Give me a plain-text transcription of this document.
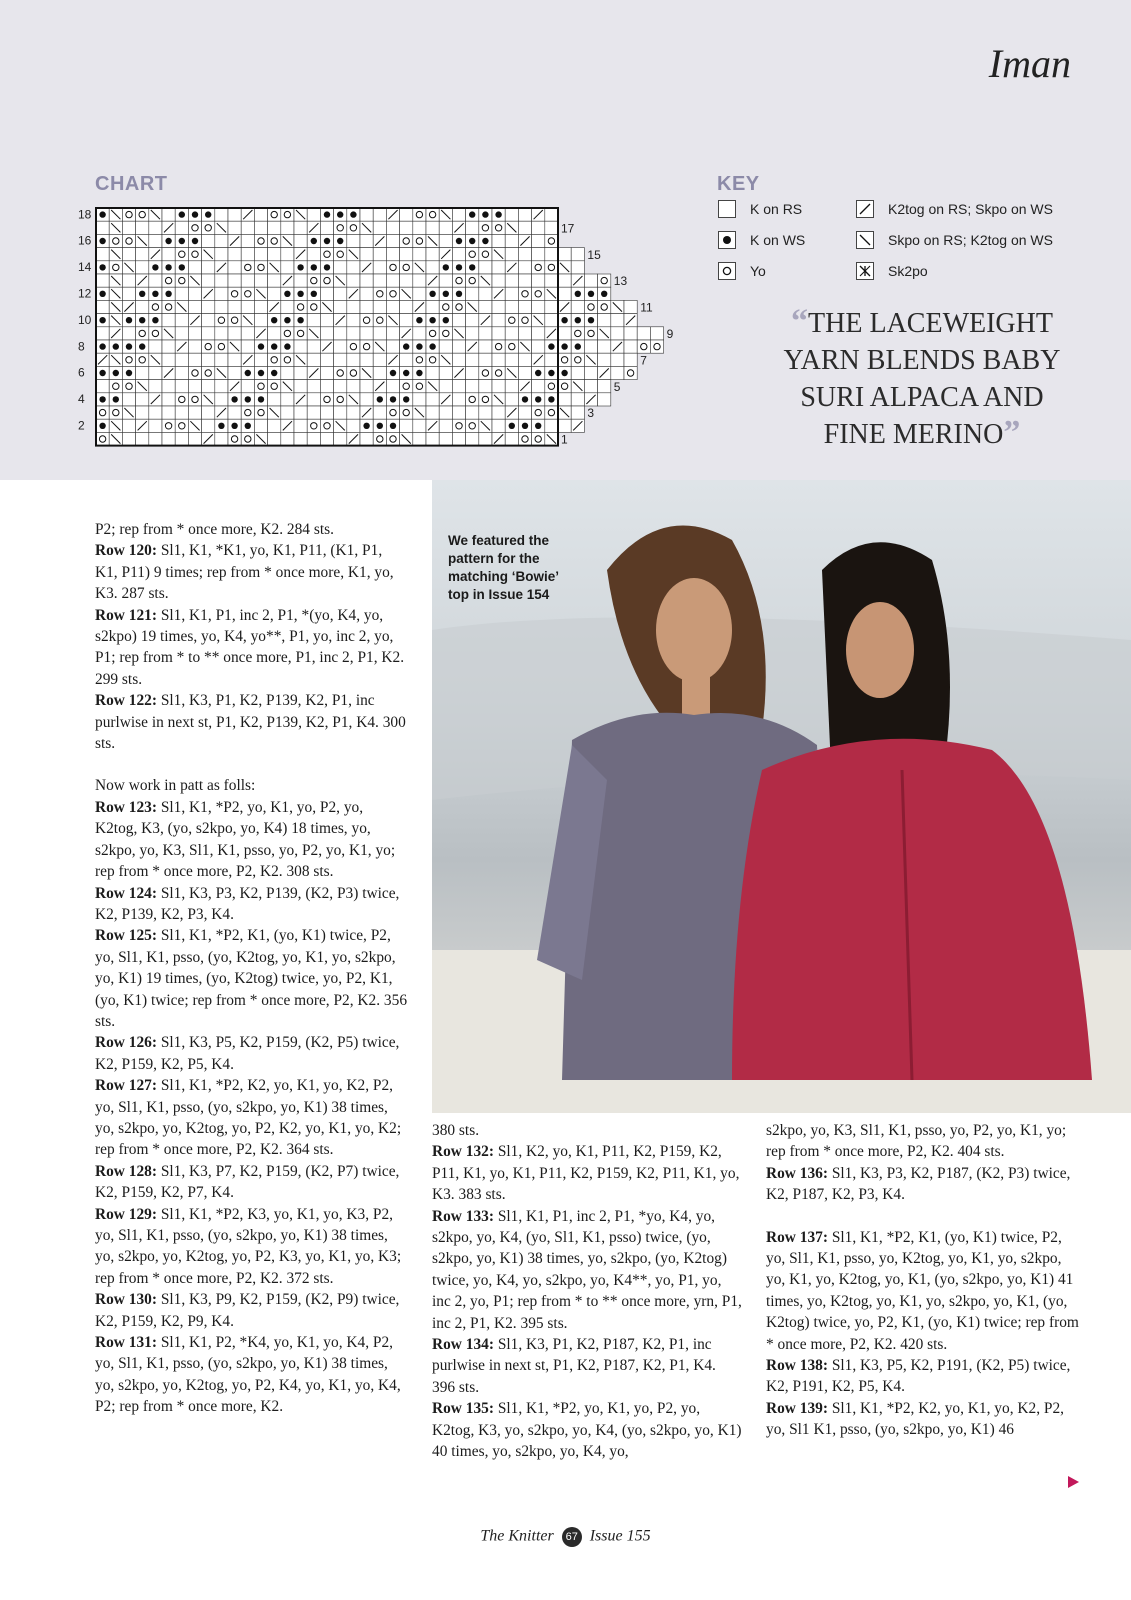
Iman
CHART
18
16
14
12
10
8
6
4
2
17
15
13
11
9
7
5
3
1
KEY
K on RS
K on WS
Yo
K2tog on RS; Skpo on WS
Skpo on RS; K2tog on WS
Sk2po
“THE LACEWEIGHT
YARN BLENDS BABY
SURI ALPACA AND
FINE MERINO”
We featured the pattern for the matching ‘Bowie’ top in Issue 154

P2; rep from * once more, K2. 284 sts.

Row 120: Sl1, K1, *K1, yo, K1, P11, (K1, P1, K1, P11) 9 times; rep from * once more, K1, yo, K3. 287 sts.

Row 121: Sl1, K1, P1, inc 2, P1, *(yo, K4, yo, s2kpo) 19 times, yo, K4, yo**, P1, yo, inc 2, yo, P1; rep from * to ** once more, P1, inc 2, P1, K2. 299 sts.

Row 122: Sl1, K3, P1, K2, P139, K2, P1, inc purlwise in next st, P1, K2, P139, K2, P1, K4. 300 sts.

Now work in patt as folls:

Row 123: Sl1, K1, *P2, yo, K1, yo, P2, yo, K2tog, K3, (yo, s2kpo, yo, K4) 18 times, yo, s2kpo, yo, K3, Sl1, K1, psso, yo, P2, yo, K1, yo; rep from * once more, P2, K2. 308 sts.

Row 124: Sl1, K3, P3, K2, P139, (K2, P3) twice, K2, P139, K2, P3, K4.

Row 125: Sl1, K1, *P2, K1, (yo, K1) twice, P2, yo, Sl1, K1, psso, (yo, K2tog, yo, K1, yo, s2kpo, yo, K1) 19 times, (yo, K2tog) twice, yo, P2, K1, (yo, K1) twice; rep from * once more, P2, K2. 356 sts.

Row 126: Sl1, K3, P5, K2, P159, (K2, P5) twice, K2, P159, K2, P5, K4.

Row 127: Sl1, K1, *P2, K2, yo, K1, yo, K2, P2, yo, Sl1, K1, psso, (yo, s2kpo, yo, K1) 38 times, yo, s2kpo, yo, K2tog, yo, P2, K2, yo, K1, yo, K2; rep from * once more, P2, K2. 364 sts.

Row 128: Sl1, K3, P7, K2, P159, (K2, P7) twice, K2, P159, K2, P7, K4.

Row 129: Sl1, K1, *P2, K3, yo, K1, yo, K3, P2, yo, Sl1, K1, psso, (yo, s2kpo, yo, K1) 38 times, yo, s2kpo, yo, K2tog, yo, P2, K3, yo, K1, yo, K3; rep from * once more, P2, K2. 372 sts.

Row 130: Sl1, K3, P9, K2, P159, (K2, P9) twice, K2, P159, K2, P9, K4.

Row 131: Sl1, K1, P2, *K4, yo, K1, yo, K4, P2, yo, Sl1, K1, psso, (yo, s2kpo, yo, K1) 38 times, yo, s2kpo, yo, K2tog, yo, P2, K4, yo, K1, yo, K4, P2; rep from * once more, K2.

380 sts.

Row 132: Sl1, K2, yo, K1, P11, K2, P159, K2, P11, K1, yo, K1, P11, K2, P159, K2, P11, K1, yo, K3. 383 sts.

Row 133: Sl1, K1, P1, inc 2, P1, *yo, K4, yo, s2kpo, yo, K4, (yo, Sl1, K1, psso) twice, (yo, s2kpo, yo, K1) 38 times, yo, s2kpo, (yo, K2tog) twice, yo, K4, yo, s2kpo, yo, K4**, yo, P1, yo, inc 2, yo, P1; rep from * to ** once more, yrn, P1, inc 2, P1, K2. 395 sts.

Row 134: Sl1, K3, P1, K2, P187, K2, P1, inc purlwise in next st, P1, K2, P187, K2, P1, K4. 396 sts.

Row 135: Sl1, K1, *P2, yo, K1, yo, P2, yo, K2tog, K3, yo, s2kpo, yo, K4, (yo, s2kpo, yo, K1) 40 times, yo, s2kpo, yo, K4, yo,

s2kpo, yo, K3, Sl1, K1, psso, yo, P2, yo, K1, yo; rep from * once more, P2, K2. 404 sts.

Row 136: Sl1, K3, P3, K2, P187, (K2, P3) twice, K2, P187, K2, P3, K4.

Row 137: Sl1, K1, *P2, K1, (yo, K1) twice, P2, yo, Sl1, K1, psso, yo, K2tog, yo, K1, yo, s2kpo, yo, K1, yo, K2tog, yo, K1, (yo, s2kpo, yo, K1) 41 times, yo, K2tog, yo, K1, yo, s2kpo, yo, K1, (yo, K2tog) twice, yo, P2, K1, (yo, K1) twice; rep from * once more, P2, K2. 420 sts.

Row 138: Sl1, K3, P5, K2, P191, (K2, P5) twice, K2, P191, K2, P5, K4.

Row 139: Sl1, K1, *P2, K2, yo, K1, yo, K2, P2, yo, Sl1 K1, psso, (yo, s2kpo, yo, K1) 46

The Knitter 67 Issue 155
